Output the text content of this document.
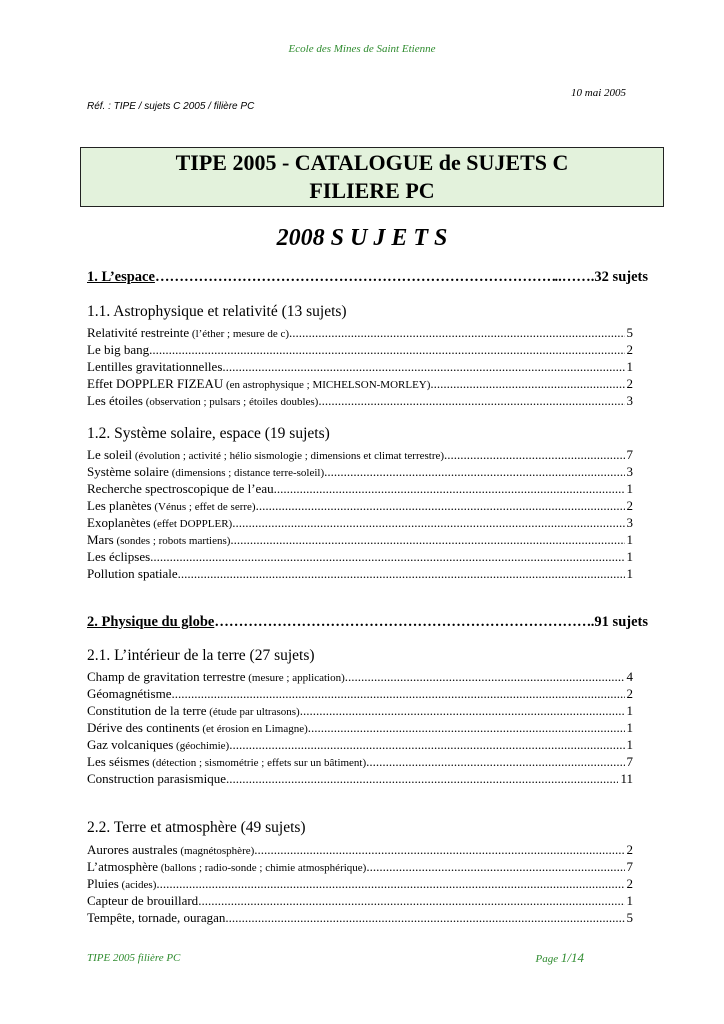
Ecole des Mines de Saint Etienne
10 mai 2005
Réf. : TIPE / sujets C 2005 / filière PC
TIPE 2005 - CATALOGUE de SUJETS C
FILIERE PC
2008 S U J E T S
1. L’espace …………………………………………………………………………………………………………………………	..…….32 sujets
1.1. Astrophysique et relativité (13 sujets)
Relativité restreinte (l’éther ; mesure de c) .....	5
Le big bang .....	2
Lentilles gravitationnelles .....	1
Effet DOPPLER FIZEAU (en astrophysique ; MICHELSON-MORLEY) .....	2
Les étoiles (observation ; pulsars ; étoiles doubles) .....	3
1.2. Système solaire, espace (19 sujets)
Le soleil (évolution ; activité ; hélio sismologie ; dimensions et climat terrestre) .....	7
Système solaire (dimensions ; distance terre-soleil) .....	3
Recherche spectroscopique de l’eau .....	1
Les planètes (Vénus ; effet de serre) .....	2
Exoplanètes (effet DOPPLER) .....	3
Mars (sondes ; robots martiens) .....	1
Les éclipses .....	1
Pollution spatiale .....	1
2. Physique du globe …………………………………………………………………………………………………………………………	..91 sujets
2.1. L’intérieur de la terre (27 sujets)
Champ de gravitation terrestre (mesure ; application) .....	4
Géomagnétisme .....	2
Constitution de la terre (étude par ultrasons) .....	1
Dérive des continents (et érosion en Limagne) .....	1
Gaz volcaniques (géochimie) .....	1
Les séismes (détection ; sismométrie ; effets sur un bâtiment) .....	7
Construction parasismique .....	11
2.2. Terre et atmosphère (49 sujets)
Aurores australes (magnétosphère) .....	2
L’atmosphère (ballons ; radio-sonde ; chimie atmosphérique) .....	7
Pluies (acides) .....	2
Capteur de brouillard .....	1
Tempête, tornade, ouragan .....	5
TIPE 2005 filière PC	Page 1/14
